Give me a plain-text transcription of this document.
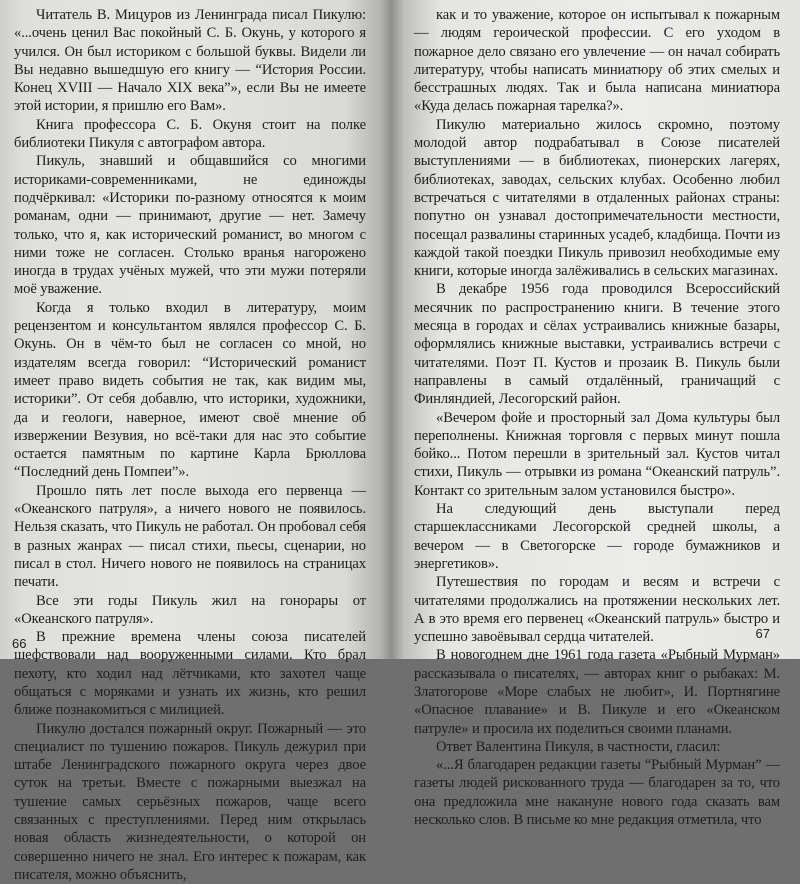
Читатель В. Мицуров из Ленинграда писал Пикулю: «...очень ценил Вас покойный С. Б. Окунь, у которого я учился. Он был историком с большой буквы. Видели ли Вы недавно вышедшую его книгу — “История России. Конец XVIII — Начало XIX века”», если Вы не имеете этой истории, я пришлю его Вам».

Книга профессора С. Б. Окуня стоит на полке библиотеки Пикуля с автографом автора.

Пикуль, знавший и общавшийся со многими историками-современниками, не единожды подчёркивал: «Историки по-разному относятся к моим романам, одни — принимают, другие — нет. Замечу только, что я, как исторический романист, во многом с ними тоже не согласен. Столько вранья нагорожено иногда в трудах учёных мужей, что эти мужи потеряли моё уважение.

Когда я только входил в литературу, моим рецензентом и консультантом являлся профессор С. Б. Окунь. Он в чём-то был не согласен со мной, но издателям всегда говорил: “Исторический романист имеет право видеть события не так, как видим мы, историки”. От себя добавлю, что историки, художники, да и геологи, наверное, имеют своё мнение об извержении Везувия, но всё-таки для нас это событие остается памятным по картине Карла Брюллова “Последний день Помпеи”».

Прошло пять лет после выхода его первенца — «Океанского патруля», а ничего нового не появилось. Нельзя сказать, что Пикуль не работал. Он пробовал себя в разных жанрах — писал стихи, пьесы, сценарии, но писал в стол. Ничего нового не появилось на страницах печати.

Все эти годы Пикуль жил на гонорары от «Океанского патруля».

В прежние времена члены союза писателей шефствовали над вооруженными силами. Кто брал пехоту, кто ходил над лётчиками, кто захотел чаще общаться с моряками и узнать их жизнь, кто решил ближе познакомиться с милицией.

Пикулю достался пожарный округ. Пожарный — это специалист по тушению пожаров. Пикуль дежурил при штабе Ленинградского пожарного округа через двое суток на третьи. Вместе с пожарными выезжал на тушение самых серьёзных пожаров, чаще всего связанных с преступлениями. Перед ним открылась новая область жизнедеятельности, о которой он совершенно ничего не знал. Его интерес к пожарам, как писателя, можно объяснить,

66

как и то уважение, которое он испытывал к пожарным — людям героической профессии. С его уходом в пожарное дело связано его увлечение — он начал собирать литературу, чтобы написать миниатюру об этих смелых и бесстрашных людях. Так и была написана миниатюра «Куда делась пожарная тарелка?».

Пикулю материально жилось скромно, поэтому молодой автор подрабатывал в Союзе писателей выступлениями — в библиотеках, пионерских лагерях, библиотеках, заводах, сельских клубах. Особенно любил встречаться с читателями в отдаленных районах страны: попутно он узнавал достопримечательности местности, посещал развалины старинных усадеб, кладбища. Почти из каждой такой поездки Пикуль привозил необходимые ему книги, которые иногда залёживались в сельских магазинах.

В декабре 1956 года проводился Всероссийский месячник по распространению книги. В течение этого месяца в городах и сёлах устраивались книжные базары, оформлялись книжные выставки, устраивались встречи с читателями. Поэт П. Кустов и прозаик В. Пикуль были направлены в самый отдалённый, граничащий с Финляндией, Лесогорский район.

«Вечером фойе и просторный зал Дома культуры был переполнены. Книжная торговля с первых минут пошла бойко... Потом перешли в зрительный зал. Кустов читал стихи, Пикуль — отрывки из романа “Океанский патруль”. Контакт со зрительным залом установился быстро».

На следующий день выступали перед старшеклассниками Лесогорской средней школы, а вечером — в Светогорске — городе бумажников и энергетиков».

Путешествия по городам и весям и встречи с читателями продолжались на протяжении нескольких лет. А в это время его первенец «Океанский патруль» быстро и успешно завоёвывал сердца читателей.

В новогоднем дне 1961 года газета «Рыбный Мурман» рассказывала о писателях, — авторах книг о рыбаках: М. Златогорове «Море слабых не любит», И. Портнягине «Опасное плавание» и В. Пикуле и его «Океанском патруле» и просила их поделиться своими планами.

Ответ Валентина Пикуля, в частности, гласил:

«...Я благодарен редакции газеты “Рыбный Мурман” — газеты людей рискованного труда — благодарен за то, что она предложила мне накануне нового года сказать вам несколько слов. В письме ко мне редакция отметила, что

67
